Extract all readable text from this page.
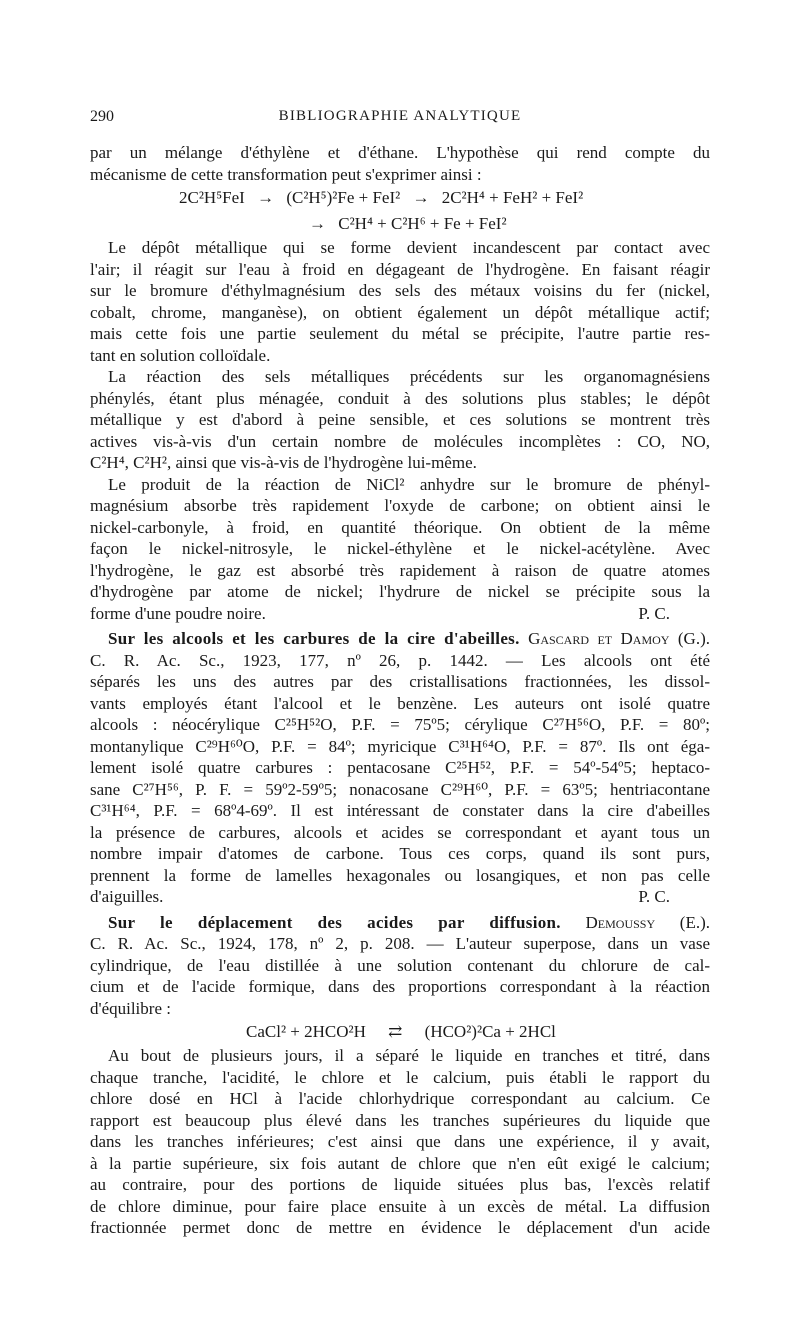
290	BIBLIOGRAPHIE ANALYTIQUE
par un mélange d'éthylène et d'éthane. L'hypothèse qui rend compte du
mécanisme de cette transformation peut s'exprimer ainsi :
2C²H⁵FeI → (C²H⁵)²Fe + FeI² → 2C²H⁴ + FeH² + FeI²
→ C²H⁴ + C²H⁶ + Fe + FeI²
Le dépôt métallique qui se forme devient incandescent par contact avec
l'air; il réagit sur l'eau à froid en dégageant de l'hydrogène. En faisant réagir
sur le bromure d'éthylmagnésium des sels des métaux voisins du fer (nickel,
cobalt, chrome, manganèse), on obtient également un dépôt métallique actif;
mais cette fois une partie seulement du métal se précipite, l'autre partie res-
tant en solution colloïdale.
La réaction des sels métalliques précédents sur les organomagnésiens
phénylés, étant plus ménagée, conduit à des solutions plus stables; le dépôt
métallique y est d'abord à peine sensible, et ces solutions se montrent très
actives vis-à-vis d'un certain nombre de molécules incomplètes : CO, NO,
C²H⁴, C²H², ainsi que vis-à-vis de l'hydrogène lui-même.
Le produit de la réaction de NiCl² anhydre sur le bromure de phényl-
magnésium absorbe très rapidement l'oxyde de carbone; on obtient ainsi le
nickel-carbonyle, à froid, en quantité théorique. On obtient de la même
façon le nickel-nitrosyle, le nickel-éthylène et le nickel-acétylène. Avec
l'hydrogène, le gaz est absorbé très rapidement à raison de quatre atomes
d'hydrogène par atome de nickel; l'hydrure de nickel se précipite sous la
forme d'une poudre noire.	P. C.
Sur les alcools et les carbures de la cire d'abeilles. Gascard et Damoy (G.).
C. R. Ac. Sc., 1923, 177, nº 26, p. 1442. — Les alcools ont été
séparés les uns des autres par des cristallisations fractionnées, les dissol-
vants employés étant l'alcool et le benzène. Les auteurs ont isolé quatre
alcools : néocérylique C²⁵H⁵²O, P.F. = 75º5; cérylique C²⁷H⁵⁶O, P.F. = 80º;
montanylique C²⁹H⁶⁰O, P.F. = 84º; myricique C³¹H⁶⁴O, P.F. = 87º. Ils ont éga-
lement isolé quatre carbures : pentacosane C²⁵H⁵², P.F. = 54º-54º5; heptaco-
sane C²⁷H⁵⁶, P. F. = 59º2-59º5; nonacosane C²⁹H⁶⁰, P.F. = 63º5; hentriacontane
C³¹H⁶⁴, P.F. = 68º4-69º. Il est intéressant de constater dans la cire d'abeilles
la présence de carbures, alcools et acides se correspondant et ayant tous un
nombre impair d'atomes de carbone. Tous ces corps, quand ils sont purs,
prennent la forme de lamelles hexagonales ou losangiques, et non pas celle
d'aiguilles.	P. C.
Sur le déplacement des acides par diffusion. Demoussy (E.).
C. R. Ac. Sc., 1924, 178, nº 2, p. 208. — L'auteur superpose, dans un vase
cylindrique, de l'eau distillée à une solution contenant du chlorure de cal-
cium et de l'acide formique, dans des proportions correspondant à la réaction
d'équilibre :
CaCl² + 2HCO²H ⇄ (HCO²)²Ca + 2HCl
Au bout de plusieurs jours, il a séparé le liquide en tranches et titré, dans
chaque tranche, l'acidité, le chlore et le calcium, puis établi le rapport du
chlore dosé en HCl à l'acide chlorhydrique correspondant au calcium. Ce
rapport est beaucoup plus élevé dans les tranches supérieures du liquide que
dans les tranches inférieures; c'est ainsi que dans une expérience, il y avait,
à la partie supérieure, six fois autant de chlore que n'en eût exigé le calcium;
au contraire, pour des portions de liquide situées plus bas, l'excès relatif
de chlore diminue, pour faire place ensuite à un excès de métal. La diffusion
fractionnée permet donc de mettre en évidence le déplacement d'un acide
